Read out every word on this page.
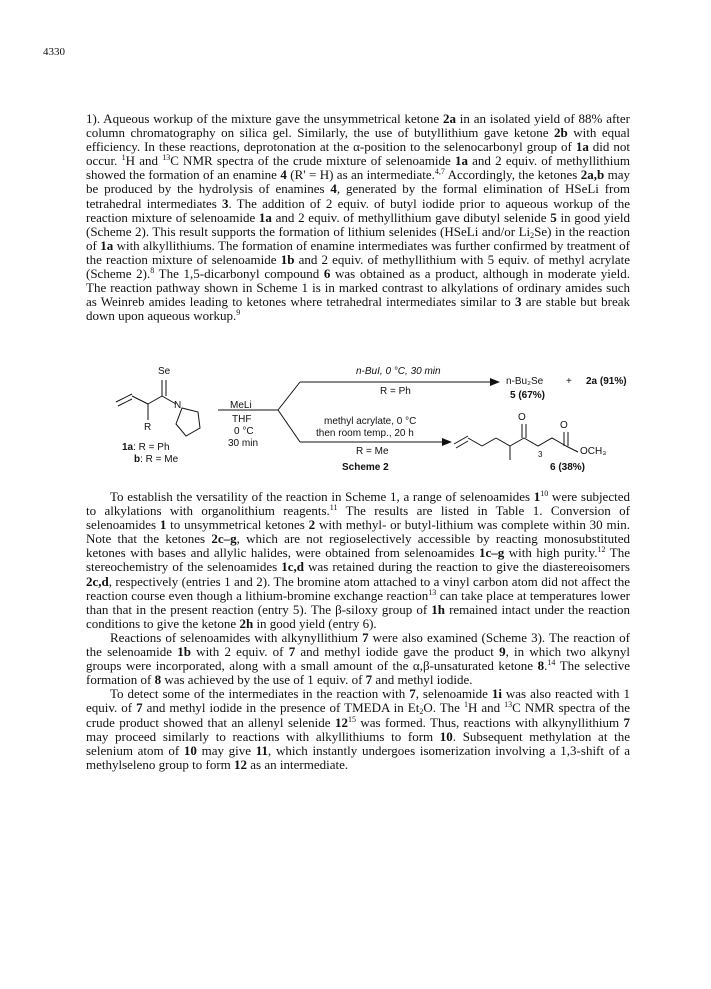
4330

1). Aqueous workup of the mixture gave the unsymmetrical ketone 2a in an isolated yield of 88% after column chromatography on silica gel. Similarly, the use of butyllithium gave ketone 2b with equal efficiency. In these reactions, deprotonation at the α-position to the selenocarbonyl group of 1a did not occur. $^1$H and $^{13}$C NMR spectra of the crude mixture of selenoamide 1a and 2 equiv. of methyllithium showed the formation of an enamine 4 (R' = H) as an intermediate.$^{4,7}$ Accordingly, the ketones 2a,b may be produced by the hydrolysis of enamines 4, generated by the formal elimination of HSeLi from tetrahedral intermediates 3. The addition of 2 equiv. of butyl iodide prior to aqueous workup of the reaction mixture of selenoamide 1a and 2 equiv. of methyllithium gave dibutyl selenide 5 in good yield (Scheme 2). This result supports the formation of lithium selenides (HSeLi and/or $Li_2Se$) in the reaction of 1a with alkyllithiums. The formation of enamine intermediates was further confirmed by treatment of the reaction mixture of selenoamide 1b and 2 equiv. of methyllithium with 5 equiv. of methyl acrylate (Scheme 2).$^8$ The 1,5-dicarbonyl compound 6 was obtained as a product, although in moderate yield. The reaction pathway shown in Scheme 1 is in marked contrast to alkylations of ordinary amides such as Weinreb amides leading to ketones where tetrahedral intermediates similar to 3 are stable but break down upon aqueous workup.$^9$

Se
N
R
1a: R = Ph
b: R = Me
MeLi
THF
0 °C
30 min
n-BuI, 0 °C, 30 min
R = Ph
n-Bu₂Se
5 (67%)
+ 2a (91%)
methyl acrylate, 0 °C
then room temp., 20 h
R = Me
O
O
OCH₃
3
6 (38%)
Scheme 2

To establish the versatility of the reaction in Scheme 1, a range of selenoamides $1^{10}$ were subjected to alkylations with organolithium reagents.$^{11}$ The results are listed in Table 1. Conversion of selenoamides 1 to unsymmetrical ketones 2 with methyl- or butyl-lithium was complete within 30 min. Note that the ketones 2c–g, which are not regioselectively accessible by reacting monosubstituted ketones with bases and allylic halides, were obtained from selenoamides 1c–g with high purity.$^{12}$ The stereochemistry of the selenoamides 1c,d was retained during the reaction to give the diastereoisomers 2c,d, respectively (entries 1 and 2). The bromine atom attached to a vinyl carbon atom did not affect the reaction course even though a lithium-bromine exchange reaction$^{13}$ can take place at temperatures lower than that in the present reaction (entry 5). The β-siloxy group of 1h remained intact under the reaction conditions to give the ketone 2h in good yield (entry 6).

Reactions of selenoamides with alkynyllithium 7 were also examined (Scheme 3). The reaction of the selenoamide 1b with 2 equiv. of 7 and methyl iodide gave the product 9, in which two alkynyl groups were incorporated, along with a small amount of the α,β-unsaturated ketone 8.14 The selective formation of 8 was achieved by the use of 1 equiv. of 7 and methyl iodide.

To detect some of the intermediates in the reaction with 7, selenoamide 1i was also reacted with 1 equiv. of 7 and methyl iodide in the presence of TMEDA in $Et_2O$. The $^1$H and $^{13}$C NMR spectra of the crude product showed that an allenyl selenide $12^{15}$ was formed. Thus, reactions with alkynyllithium 7 may proceed similarly to reactions with alkyllithiums to form 10. Subsequent methylation at the selenium atom of 10 may give 11, which instantly undergoes isomerization involving a 1,3-shift of a methylseleno group to form 12 as an intermediate.
